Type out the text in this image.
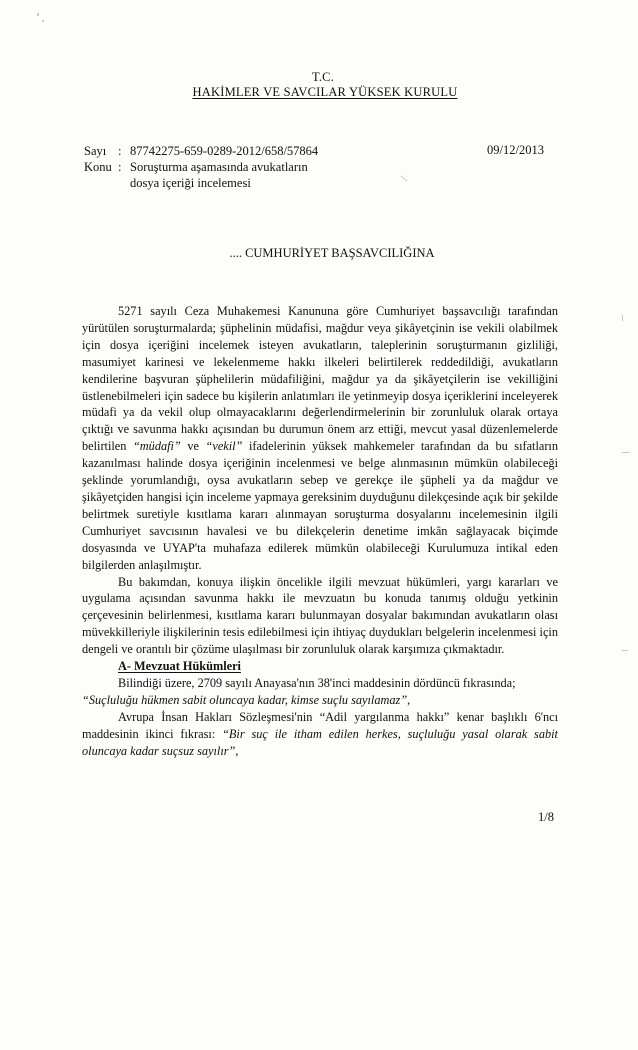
T.C.
HAKİMLER VE SAVCILAR YÜKSEK KURULU
Sayı : 87742275-659-0289-2012/658/57864
Konu : Soruşturma aşamasında avukatların
dosya içeriği incelemesi
09/12/2013
.... CUMHURİYET BAŞSAVCILIĞINA

5271 sayılı Ceza Muhakemesi Kanununa göre Cumhuriyet başsavcılığı tarafından yürütülen soruşturmalarda; şüphelinin müdafisi, mağdur veya şikâyetçinin ise vekili olabilmek için dosya içeriğini incelemek isteyen avukatların, taleplerinin soruşturmanın gizliliği, masumiyet karinesi ve lekelenmeme hakkı ilkeleri belirtilerek reddedildiği, avukatların kendilerine başvuran şüphelilerin müdafiliğini, mağdur ya da şikâyetçilerin ise vekilliğini üstlenebilmeleri için sadece bu kişilerin anlatımları ile yetinmeyip dosya içeriklerini inceleyerek müdafi ya da vekil olup olmayacaklarını değerlendirmelerinin bir zorunluluk olarak ortaya çıktığı ve savunma hakkı açısından bu durumun önem arz ettiği, mevcut yasal düzenlemelerde belirtilen “müdafi” ve “vekil” ifadelerinin yüksek mahkemeler tarafından da bu sıfatların kazanılması halinde dosya içeriğinin incelenmesi ve belge alınmasının mümkün olabileceği şeklinde yorumlandığı, oysa avukatların sebep ve gerekçe ile şüpheli ya da mağdur ve şikâyetçiden hangisi için inceleme yapmaya gereksinim duyduğunu dilekçesinde açık bir şekilde belirtmek suretiyle kısıtlama kararı alınmayan soruşturma dosyalarını incelemesinin ilgili Cumhuriyet savcısının havalesi ve bu dilekçelerin denetime imkân sağlayacak biçimde dosyasında ve UYAP'ta muhafaza edilerek mümkün olabileceği Kurulumuza intikal eden bilgilerden anlaşılmıştır.

Bu bakımdan, konuya ilişkin öncelikle ilgili mevzuat hükümleri, yargı kararları ve uygulama açısından savunma hakkı ile mevzuatın bu konuda tanımış olduğu yetkinin çerçevesinin belirlenmesi, kısıtlama kararı bulunmayan dosyalar bakımından avukatların olası müvekkilleriyle ilişkilerinin tesis edilebilmesi için ihtiyaç duydukları belgelerin incelenmesi için dengeli ve orantılı bir çözüme ulaşılması bir zorunluluk olarak karşımıza çıkmaktadır.

A- Mevzuat Hükümleri

Bilindiği üzere, 2709 sayılı Anayasa'nın 38'inci maddesinin dördüncü fıkrasında;

“Suçluluğu hükmen sabit oluncaya kadar, kimse suçlu sayılamaz”,

Avrupa İnsan Hakları Sözleşmesi'nin “Adil yargılanma hakkı” kenar başlıklı 6'ncı maddesinin ikinci fıkrası: “Bir suç ile itham edilen herkes, suçluluğu yasal olarak sabit oluncaya kadar suçsuz sayılır”,

1/8
